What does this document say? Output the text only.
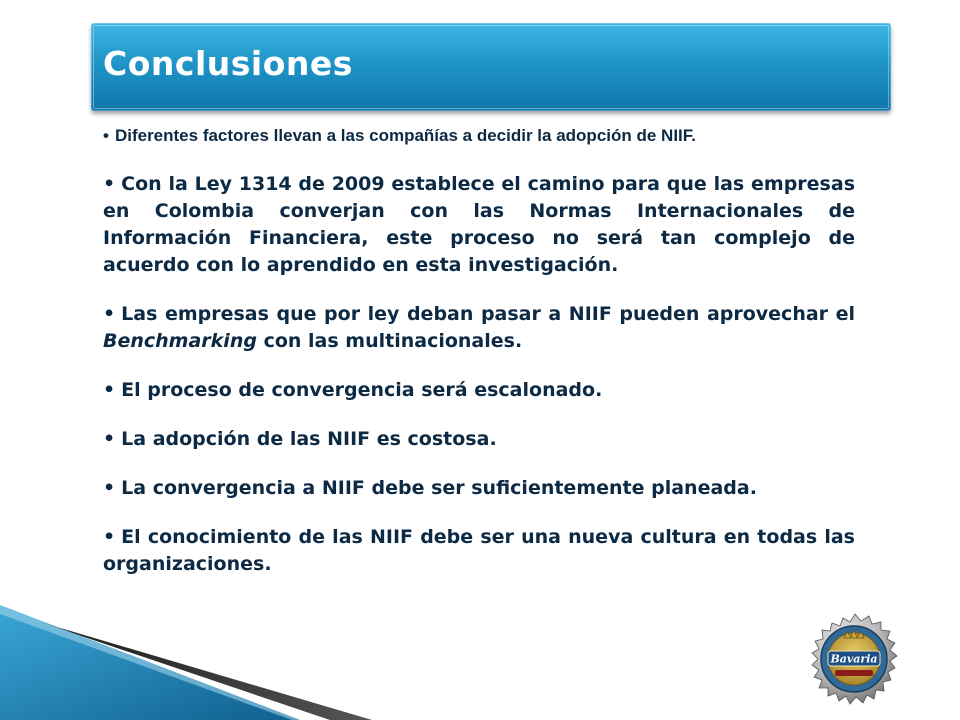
Conclusiones

• Diferentes factores llevan a las compañías a decidir la adopción de NIIF.

• Con la Ley 1314 de 2009 establece el camino para que las empresas en Colombia converjan con las Normas Internacionales de Información Financiera, este proceso no será tan complejo de acuerdo con lo aprendido en esta investigación.

• Las empresas que por ley deban pasar a NIIF pueden aprovechar el Benchmarking con las multinacionales.

• El proceso de convergencia será escalonado.

• La adopción de las NIIF es costosa.

• La convergencia a NIIF debe ser suficientemente planeada.

• El conocimiento de las NIIF debe ser una nueva cultura en todas las organizaciones.

Bavaria
